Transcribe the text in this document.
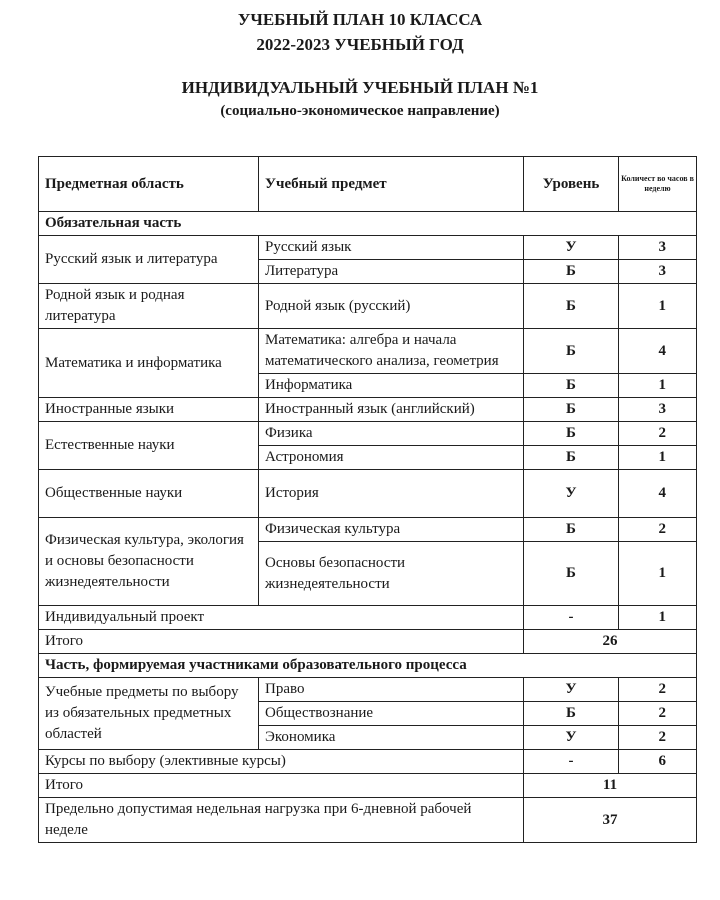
УЧЕБНЫЙ ПЛАН 10 КЛАССА
2022-2023 УЧЕБНЫЙ ГОД
ИНДИВИДУАЛЬНЫЙ УЧЕБНЫЙ ПЛАН №1
(социально-экономическое направление)
Предметная область	Учебный предмет	Уровень	Количест во часов в неделю
Обязательная часть			
Русский язык и литература	Русский язык	У	3
	Литература	Б	3
Родной язык и родная литература	Родной язык (русский)	Б	1
Математика и информатика	Математика: алгебра и начала математического анализа, геометрия	Б	4
	Информатика	Б	1
Иностранные языки	Иностранный язык (английский)	Б	3
Естественные науки	Физика	Б	2
	Астрономия	Б	1
Общественные науки	История	У	4
Физическая культура, экология и основы безопасности жизнедеятельности	Физическая культура	Б	2
	Основы безопасности жизнедеятельности	Б	1
Индивидуальный проект		-	1
Итого		26	
Часть, формируемая участниками образовательного процесса			
Учебные предметы по выбору из обязательных предметных областей	Право	У	2
	Обществознание	Б	2
	Экономика	У	2
Курсы по выбору (элективные курсы)		-	6
Итого		11	
Предельно допустимая недельная нагрузка при 6-дневной рабочей неделе		37	
